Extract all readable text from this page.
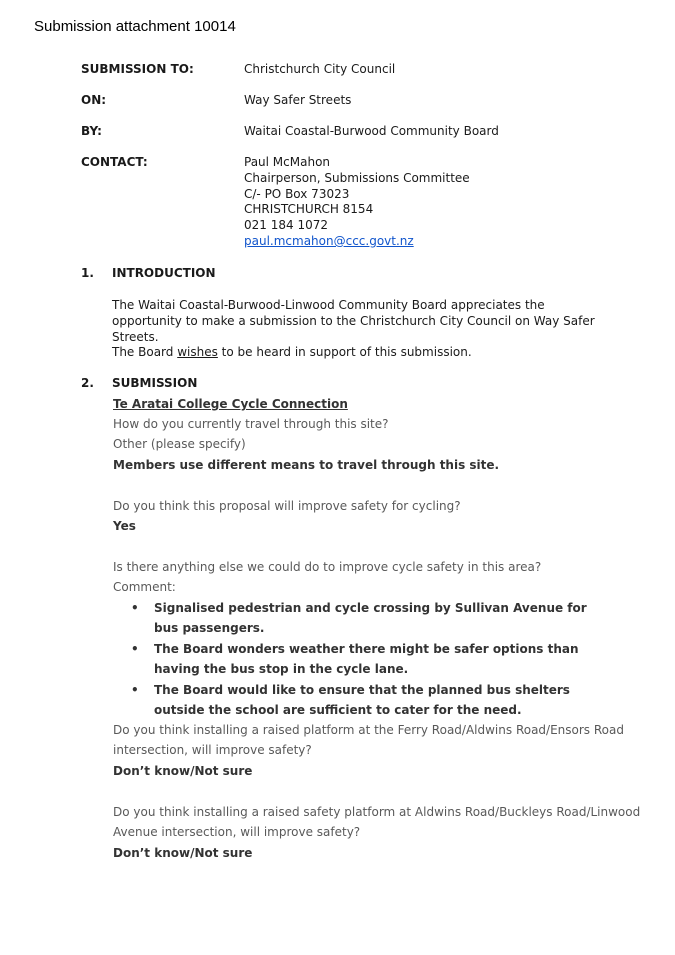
Submission attachment 10014
SUBMISSION TO:	Christchurch City Council
ON:	Way Safer Streets
BY:	Waitai Coastal-Burwood Community Board
CONTACT:	Paul McMahon
Chairperson, Submissions Committee
C/- PO Box 73023
CHRISTCHURCH 8154
021 184 1072
paul.mcmahon@ccc.govt.nz
1. INTRODUCTION
The Waitai Coastal-Burwood-Linwood Community Board appreciates the opportunity to make a submission to the Christchurch City Council on Way Safer Streets.
The Board wishes to be heard in support of this submission.
2. SUBMISSION
Te Aratai College Cycle Connection
How do you currently travel through this site?
Other (please specify)
Members use different means to travel through this site.
Do you think this proposal will improve safety for cycling?
Yes
Is there anything else we could do to improve cycle safety in this area?
Comment:
• Signalised pedestrian and cycle crossing by Sullivan Avenue for bus passengers.
• The Board wonders weather there might be safer options than having the bus stop in the cycle lane.
• The Board would like to ensure that the planned bus shelters outside the school are sufficient to cater for the need.
Do you think installing a raised platform at the Ferry Road/Aldwins Road/Ensors Road
intersection, will improve safety?
Don’t know/Not sure
Do you think installing a raised safety platform at Aldwins Road/Buckleys Road/Linwood
Avenue intersection, will improve safety?
Don’t know/Not sure
